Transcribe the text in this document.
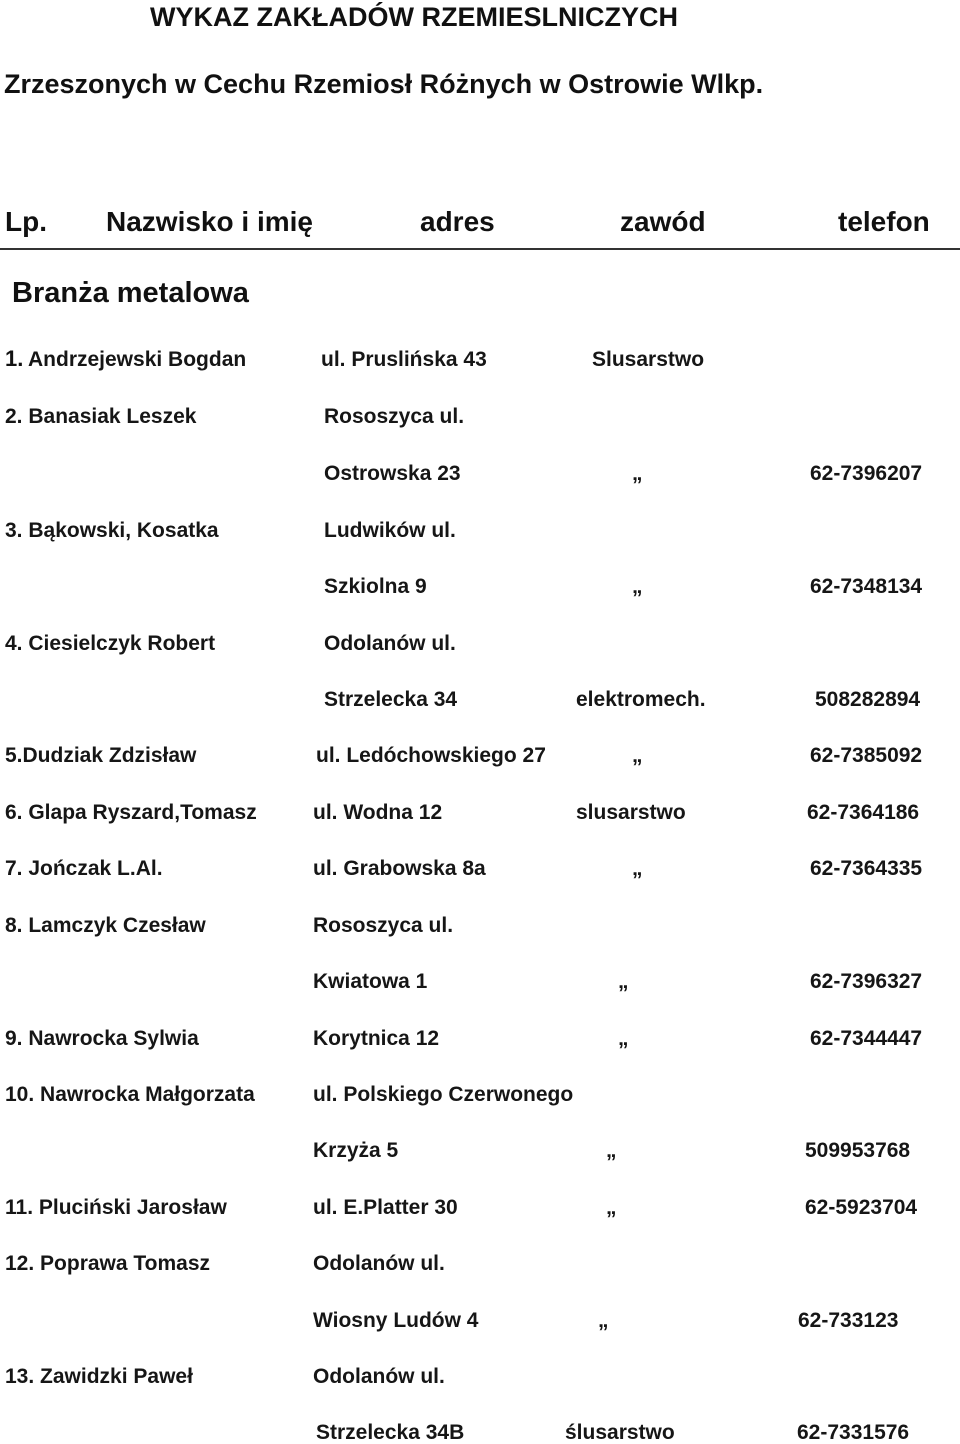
WYKAZ ZAKŁADÓW RZEMIESLNICZYCH
Zrzeszonych w Cechu Rzemiosł Różnych w Ostrowie Wlkp.
Lp. Nazwisko i imię	adres	zawód	telefon
Branża metalowa
1. Andrzejewski Bogdan	ul. Pruslińska 43	Slusarstwo
2. Banasiak Leszek	Rososzyca ul.
Ostrowska 23	„	62-7396207
3. Bąkowski, Kosatka	Ludwików ul.
Szkiolna 9	„	62-7348134
4. Ciesielczyk Robert	Odolanów ul.
Strzelecka 34	elektromech.	508282894
5.Dudziak Zdzisław	ul. Ledóchowskiego 27	„	62-7385092
6. Glapa Ryszard,Tomasz	ul. Wodna 12	slusarstwo	62-7364186
7. Jończak L.Al.	ul. Grabowska 8a	„	62-7364335
8. Lamczyk Czesław	Rososzyca ul.
Kwiatowa 1	„	62-7396327
9. Nawrocka Sylwia	Korytnica 12	„	62-7344447
10. Nawrocka Małgorzata	ul. Polskiego Czerwonego
Krzyża 5	„	509953768
11. Pluciński Jarosław	ul. E.Platter 30	„	62-5923704
12. Poprawa Tomasz	Odolanów ul.
Wiosny Ludów 4	„	62-733123
13. Zawidzki Paweł	Odolanów ul.
Strzelecka 34B	ślusarstwo	62-7331576
